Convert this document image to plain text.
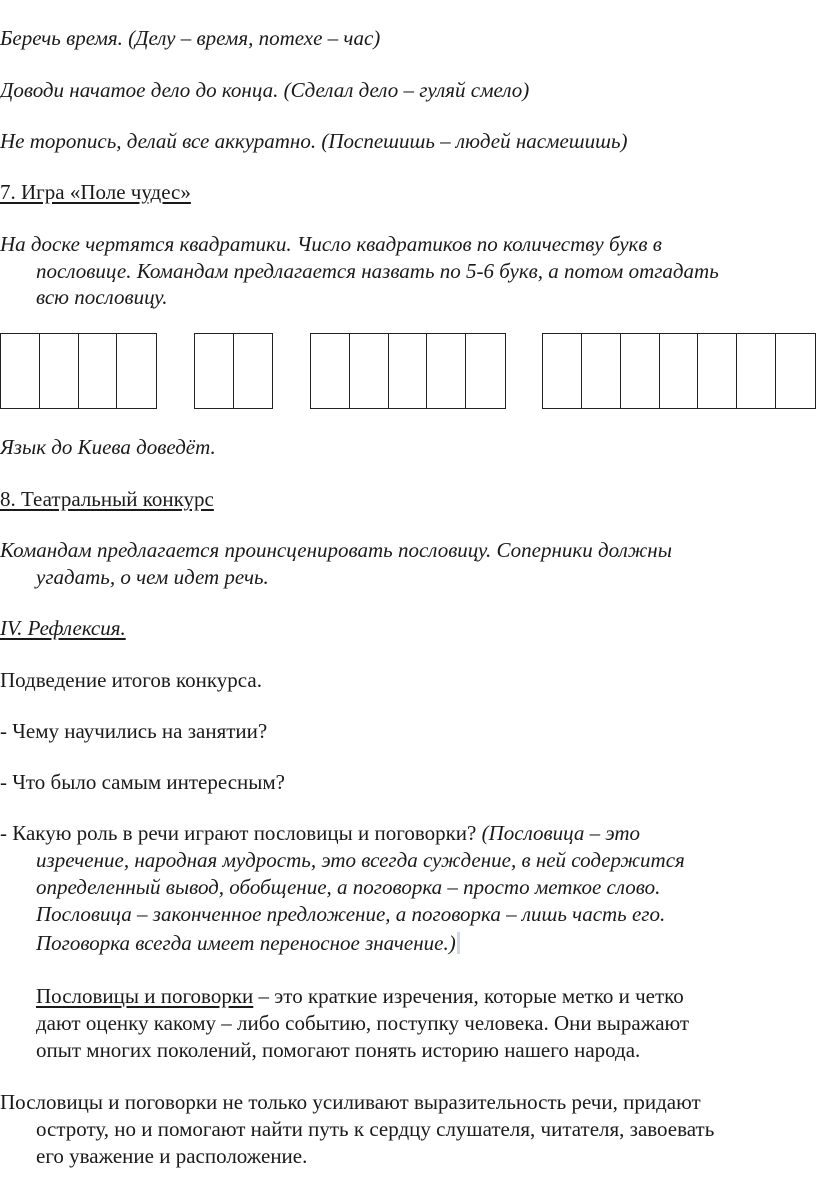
Беречь время. (Делу – время, потехе – час)
Доводи начатое дело до конца. (Сделал дело – гуляй смело)
Не торопись, делай все аккуратно. (Поспешишь – людей насмешишь)
7. Игра «Поле чудес»
На доске чертятся квадратики. Число квадратиков по количеству букв в
пословице. Командам предлагается назвать по 5-6 букв, а потом отгадать
всю пословицу.
Язык до Киева доведёт.
8. Театральный конкурс
Командам предлагается проинсценировать пословицу. Соперники должны
угадать, о чем идет речь.
IV. Рефлексия.
Подведение итогов конкурса.
- Чему научились на занятии?
- Что было самым интересным?
- Какую роль в речи играют пословицы и поговорки? (Пословица – это
изречение, народная мудрость, это всегда суждение, в ней содержится
определенный вывод, обобщение, а поговорка – просто меткое слово.
Пословица – законченное предложение, а поговорка – лишь часть его.
Поговорка всегда имеет переносное значение.)
Пословицы и поговорки – это краткие изречения, которые метко и четко
дают оценку какому – либо событию, поступку человека. Они выражают
опыт многих поколений, помогают понять историю нашего народа.
Пословицы и поговорки не только усиливают выразительность речи, придают
остроту, но и помогают найти путь к сердцу слушателя, читателя, завоевать
его уважение и расположение.
